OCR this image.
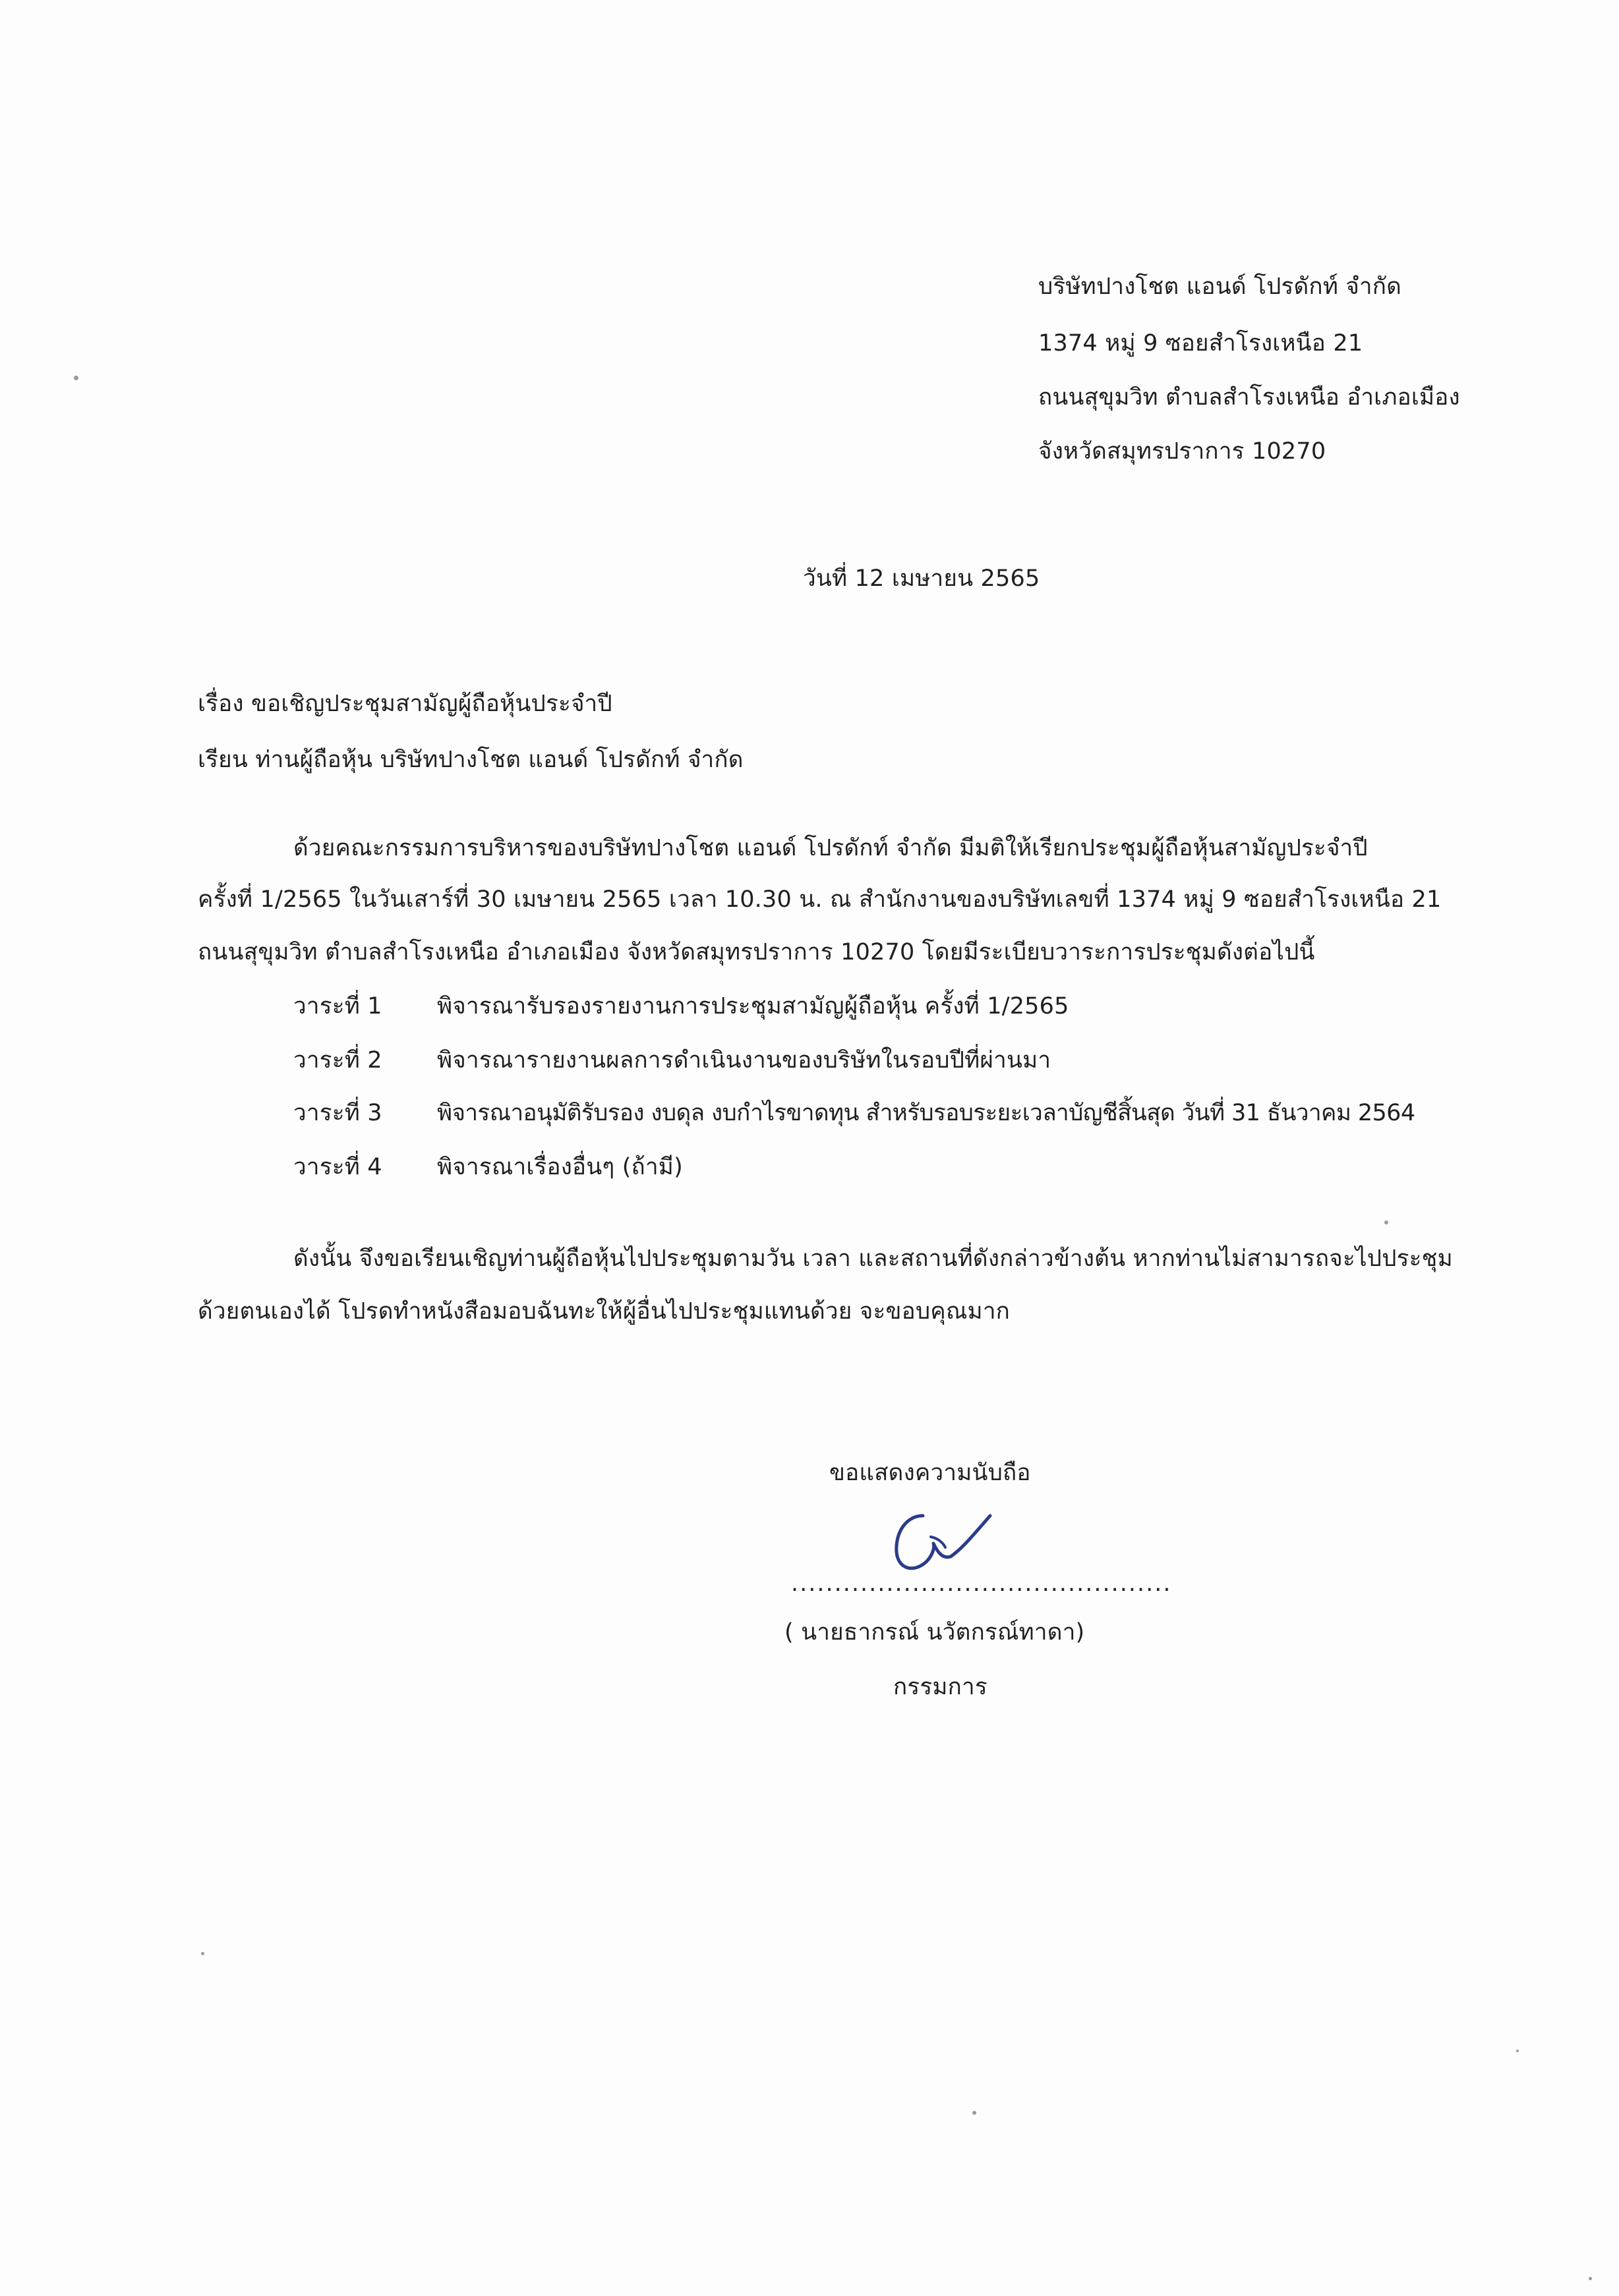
บริษัทปางโชต แอนด์ โปรดักท์ จำกัด
1374 หมู่ 9 ซอยสำโรงเหนือ 21
ถนนสุขุมวิท ตำบลสำโรงเหนือ อำเภอเมือง
จังหวัดสมุทรปราการ 10270
วันที่ 12 เมษายน 2565
เรื่อง ขอเชิญประชุมสามัญผู้ถือหุ้นประจำปี
เรียน ท่านผู้ถือหุ้น บริษัทปางโชต แอนด์ โปรดักท์ จำกัด
ด้วยคณะกรรมการบริหารของบริษัทปางโชต แอนด์ โปรดักท์ จำกัด มีมติให้เรียกประชุมผู้ถือหุ้นสามัญประจำปี
ครั้งที่ 1/2565 ในวันเสาร์ที่ 30 เมษายน 2565 เวลา 10.30 น. ณ สำนักงานของบริษัทเลขที่ 1374 หมู่ 9 ซอยสำโรงเหนือ 21
ถนนสุขุมวิท ตำบลสำโรงเหนือ อำเภอเมือง จังหวัดสมุทรปราการ 10270 โดยมีระเบียบวาระการประชุมดังต่อไปนี้
วาระที่ 1 พิจารณารับรองรายงานการประชุมสามัญผู้ถือหุ้น ครั้งที่ 1/2565
วาระที่ 2 พิจารณารายงานผลการดำเนินงานของบริษัทในรอบปีที่ผ่านมา
วาระที่ 3 พิจารณาอนุมัติรับรอง งบดุล งบกำไรขาดทุน สำหรับรอบระยะเวลาบัญชีสิ้นสุด วันที่ 31 ธันวาคม 2564
วาระที่ 4 พิจารณาเรื่องอื่นๆ (ถ้ามี)
ดังนั้น จึงขอเรียนเชิญท่านผู้ถือหุ้นไปประชุมตามวัน เวลา และสถานที่ดังกล่าวข้างต้น หากท่านไม่สามารถจะไปประชุม
ด้วยตนเองได้ โปรดทำหนังสือมอบฉันทะให้ผู้อื่นไปประชุมแทนด้วย จะขอบคุณมาก
ขอแสดงความนับถือ
............................................
( นายธากรณ์ นวัตกรณ์ทาดา)
กรรมการ
